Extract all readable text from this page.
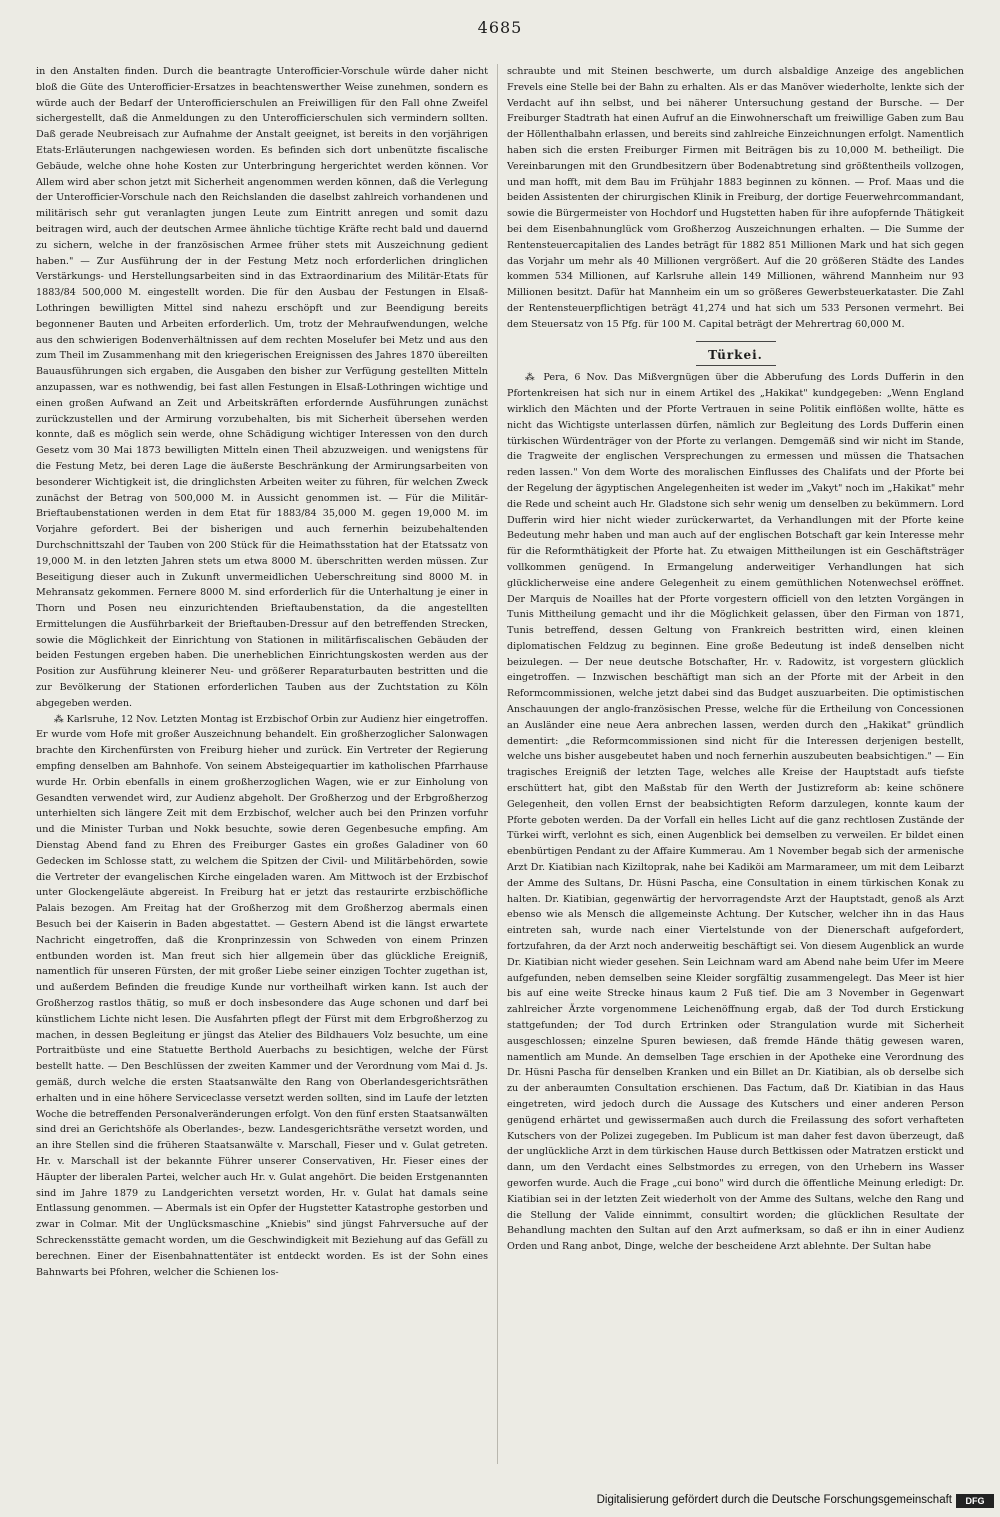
4685

in den Anstalten finden. Durch die beantragte Unterofficier-Vorschule würde daher nicht bloß die Güte des Unterofficier-Ersatzes in beachtenswerther Weise zunehmen, sondern es würde auch der Bedarf der Unterofficierschulen an Freiwilligen für den Fall ohne Zweifel sichergestellt, daß die Anmeldungen zu den Unterofficierschulen sich vermindern sollten. Daß gerade Neubreisach zur Aufnahme der Anstalt geeignet, ist bereits in den vorjährigen Etats-Erläuterungen nachgewiesen worden. Es befinden sich dort unbenützte fiscalische Gebäude, welche ohne hohe Kosten zur Unterbringung hergerichtet werden können. Vor Allem wird aber schon jetzt mit Sicherheit angenommen werden können, daß die Verlegung der Unterofficier-Vorschule nach den Reichslanden die daselbst zahlreich vorhandenen und militärisch sehr gut veranlagten jungen Leute zum Eintritt anregen und somit dazu beitragen wird, auch der deutschen Armee ähnliche tüchtige Kräfte recht bald und dauernd zu sichern, welche in der französischen Armee früher stets mit Auszeichnung gedient haben." — Zur Ausführung der in der Festung Metz noch erforderlichen dringlichen Verstärkungs- und Herstellungsarbeiten sind in das Extraordinarium des Militär-Etats für 1883/84 500,000 M. eingestellt worden. Die für den Ausbau der Festungen in Elsaß-Lothringen bewilligten Mittel sind nahezu erschöpft und zur Beendigung bereits begonnener Bauten und Arbeiten erforderlich. Um, trotz der Mehraufwendungen, welche aus den schwierigen Bodenverhältnissen auf dem rechten Moselufer bei Metz und aus den zum Theil im Zusammenhang mit den kriegerischen Ereignissen des Jahres 1870 übereilten Bauausführungen sich ergaben, die Ausgaben den bisher zur Verfügung gestellten Mitteln anzupassen, war es nothwendig, bei fast allen Festungen in Elsaß-Lothringen wichtige und einen großen Aufwand an Zeit und Arbeitskräften erfordernde Ausführungen zunächst zurückzustellen und der Armirung vorzubehalten, bis mit Sicherheit übersehen werden konnte, daß es möglich sein werde, ohne Schädigung wichtiger Interessen von den durch Gesetz vom 30 Mai 1873 bewilligten Mitteln einen Theil abzuzweigen. und wenigstens für die Festung Metz, bei deren Lage die äußerste Beschränkung der Armirungsarbeiten von besonderer Wichtigkeit ist, die dringlichsten Arbeiten weiter zu führen, für welchen Zweck zunächst der Betrag von 500,000 M. in Aussicht genommen ist. — Für die Militär-Brieftaubenstationen werden in dem Etat für 1883/84 35,000 M. gegen 19,000 M. im Vorjahre gefordert. Bei der bisherigen und auch fernerhin beizubehaltenden Durchschnittszahl der Tauben von 200 Stück für die Heimathsstation hat der Etatssatz von 19,000 M. in den letzten Jahren stets um etwa 8000 M. überschritten werden müssen. Zur Beseitigung dieser auch in Zukunft unvermeidlichen Ueberschreitung sind 8000 M. in Mehransatz gekommen. Fernere 8000 M. sind erforderlich für die Unterhaltung je einer in Thorn und Posen neu einzurichtenden Brieftaubenstation, da die angestellten Ermittelungen die Ausführbarkeit der Brieftauben-Dressur auf den betreffenden Strecken, sowie die Möglichkeit der Einrichtung von Stationen in militärfiscalischen Gebäuden der beiden Festungen ergeben haben. Die unerheblichen Einrichtungskosten werden aus der Position zur Ausführung kleinerer Neu- und größerer Reparaturbauten bestritten und die zur Bevölkerung der Stationen erforderlichen Tauben aus der Zuchtstation zu Köln abgegeben werden.

⁂ Karlsruhe, 12 Nov. Letzten Montag ist Erzbischof Orbin zur Audienz hier eingetroffen. Er wurde vom Hofe mit großer Auszeichnung behandelt. Ein großherzoglicher Salonwagen brachte den Kirchenfürsten von Freiburg hieher und zurück. Ein Vertreter der Regierung empfing denselben am Bahnhofe. Von seinem Absteigequartier im katholischen Pfarrhause wurde Hr. Orbin ebenfalls in einem großherzoglichen Wagen, wie er zur Einholung von Gesandten verwendet wird, zur Audienz abgeholt. Der Großherzog und der Erbgroßherzog unterhielten sich längere Zeit mit dem Erzbischof, welcher auch bei den Prinzen vorfuhr und die Minister Turban und Nokk besuchte, sowie deren Gegenbesuche empfing. Am Dienstag Abend fand zu Ehren des Freiburger Gastes ein großes Galadiner von 60 Gedecken im Schlosse statt, zu welchem die Spitzen der Civil- und Militärbehörden, sowie die Vertreter der evangelischen Kirche eingeladen waren. Am Mittwoch ist der Erzbischof unter Glockengeläute abgereist. In Freiburg hat er jetzt das restaurirte erzbischöfliche Palais bezogen. Am Freitag hat der Großherzog mit dem Großherzog abermals einen Besuch bei der Kaiserin in Baden abgestattet. — Gestern Abend ist die längst erwartete Nachricht eingetroffen, daß die Kronprinzessin von Schweden von einem Prinzen entbunden worden ist. Man freut sich hier allgemein über das glückliche Ereigniß, namentlich für unseren Fürsten, der mit großer Liebe seiner einzigen Tochter zugethan ist, und außerdem Befinden die freudige Kunde nur vortheilhaft wirken kann. Ist auch der Großherzog rastlos thätig, so muß er doch insbesondere das Auge schonen und darf bei künstlichem Lichte nicht lesen. Die Ausfahrten pflegt der Fürst mit dem Erbgroßherzog zu machen, in dessen Begleitung er jüngst das Atelier des Bildhauers Volz besuchte, um eine Portraitbüste und eine Statuette Berthold Auerbachs zu besichtigen, welche der Fürst bestellt hatte. — Den Beschlüssen der zweiten Kammer und der Verordnung vom Mai d. Js. gemäß, durch welche die ersten Staatsanwälte den Rang von Oberlandesgerichtsräthen erhalten und in eine höhere Serviceclasse versetzt werden sollten, sind im Laufe der letzten Woche die betreffenden Personalveränderungen erfolgt. Von den fünf ersten Staatsanwälten sind drei an Gerichtshöfe als Oberlandes-, bezw. Landesgerichtsräthe versetzt worden, und an ihre Stellen sind die früheren Staatsanwälte v. Marschall, Fieser und v. Gulat getreten. Hr. v. Marschall ist der bekannte Führer unserer Conservativen, Hr. Fieser eines der Häupter der liberalen Partei, welcher auch Hr. v. Gulat angehört. Die beiden Erstgenannten sind im Jahre 1879 zu Landgerichten versetzt worden, Hr. v. Gulat hat damals seine Entlassung genommen. — Abermals ist ein Opfer der Hugstetter Katastrophe gestorben und zwar in Colmar. Mit der Unglücksmaschine „Kniebis" sind jüngst Fahrversuche auf der Schreckensstätte gemacht worden, um die Geschwindigkeit mit Beziehung auf das Gefäll zu berechnen. Einer der Eisenbahnattentäter ist entdeckt worden. Es ist der Sohn eines Bahnwarts bei Pfohren, welcher die Schienen los-

schraubte und mit Steinen beschwerte, um durch alsbaldige Anzeige des angeblichen Frevels eine Stelle bei der Bahn zu erhalten. Als er das Manöver wiederholte, lenkte sich der Verdacht auf ihn selbst, und bei näherer Untersuchung gestand der Bursche. — Der Freiburger Stadtrath hat einen Aufruf an die Einwohnerschaft um freiwillige Gaben zum Bau der Höllenthalbahn erlassen, und bereits sind zahlreiche Einzeichnungen erfolgt. Namentlich haben sich die ersten Freiburger Firmen mit Beiträgen bis zu 10,000 M. betheiligt. Die Vereinbarungen mit den Grundbesitzern über Bodenabtretung sind größtentheils vollzogen, und man hofft, mit dem Bau im Frühjahr 1883 beginnen zu können. — Prof. Maas und die beiden Assistenten der chirurgischen Klinik in Freiburg, der dortige Feuerwehrcommandant, sowie die Bürgermeister von Hochdorf und Hugstetten haben für ihre aufopfernde Thätigkeit bei dem Eisenbahnunglück vom Großherzog Auszeichnungen erhalten. — Die Summe der Rentensteuercapitalien des Landes beträgt für 1882 851 Millionen Mark und hat sich gegen das Vorjahr um mehr als 40 Millionen vergrößert. Auf die 20 größeren Städte des Landes kommen 534 Millionen, auf Karlsruhe allein 149 Millionen, während Mannheim nur 93 Millionen besitzt. Dafür hat Mannheim ein um so größeres Gewerbsteuerkataster. Die Zahl der Rentensteuerpflichtigen beträgt 41,274 und hat sich um 533 Personen vermehrt. Bei dem Steuersatz von 15 Pfg. für 100 M. Capital beträgt der Mehrertrag 60,000 M.

Türkei.

⁂ Pera, 6 Nov. Das Mißvergnügen über die Abberufung des Lords Dufferin in den Pfortenkreisen hat sich nur in einem Artikel des „Hakikat" kundgegeben: „Wenn England wirklich den Mächten und der Pforte Vertrauen in seine Politik einflößen wollte, hätte es nicht das Wichtigste unterlassen dürfen, nämlich zur Begleitung des Lords Dufferin einen türkischen Würdenträger von der Pforte zu verlangen. Demgemäß sind wir nicht im Stande, die Tragweite der englischen Versprechungen zu ermessen und müssen die Thatsachen reden lassen." Von dem Worte des moralischen Einflusses des Chalifats und der Pforte bei der Regelung der ägyptischen Angelegenheiten ist weder im „Vakyt" noch im „Hakikat" mehr die Rede und scheint auch Hr. Gladstone sich sehr wenig um denselben zu bekümmern. Lord Dufferin wird hier nicht wieder zurückerwartet, da Verhandlungen mit der Pforte keine Bedeutung mehr haben und man auch auf der englischen Botschaft gar kein Interesse mehr für die Reformthätigkeit der Pforte hat. Zu etwaigen Mittheilungen ist ein Geschäftsträger vollkommen genügend. In Ermangelung anderweitiger Verhandlungen hat sich glücklicherweise eine andere Gelegenheit zu einem gemüthlichen Notenwechsel eröffnet. Der Marquis de Noailles hat der Pforte vorgestern officiell von den letzten Vorgängen in Tunis Mittheilung gemacht und ihr die Möglichkeit gelassen, über den Firman von 1871, Tunis betreffend, dessen Geltung von Frankreich bestritten wird, einen kleinen diplomatischen Feldzug zu beginnen. Eine große Bedeutung ist indeß denselben nicht beizulegen. — Der neue deutsche Botschafter, Hr. v. Radowitz, ist vorgestern glücklich eingetroffen. — Inzwischen beschäftigt man sich an der Pforte mit der Arbeit in den Reformcommissionen, welche jetzt dabei sind das Budget auszuarbeiten. Die optimistischen Anschauungen der anglo-französischen Presse, welche für die Ertheilung von Concessionen an Ausländer eine neue Aera anbrechen lassen, werden durch den „Hakikat" gründlich dementirt: „die Reformcommissionen sind nicht für die Interessen derjenigen bestellt, welche uns bisher ausgebeutet haben und noch fernerhin auszubeuten beabsichtigen." — Ein tragisches Ereigniß der letzten Tage, welches alle Kreise der Hauptstadt aufs tiefste erschüttert hat, gibt den Maßstab für den Werth der Justizreform ab: keine schönere Gelegenheit, den vollen Ernst der beabsichtigten Reform darzulegen, konnte kaum der Pforte geboten werden. Da der Vorfall ein helles Licht auf die ganz rechtlosen Zustände der Türkei wirft, verlohnt es sich, einen Augenblick bei demselben zu verweilen. Er bildet einen ebenbürtigen Pendant zu der Affaire Kummerau. Am 1 November begab sich der armenische Arzt Dr. Kiatibian nach Kiziltoprak, nahe bei Kadiköi am Marmarameer, um mit dem Leibarzt der Amme des Sultans, Dr. Hüsni Pascha, eine Consultation in einem türkischen Konak zu halten. Dr. Kiatibian, gegenwärtig der hervorragendste Arzt der Hauptstadt, genoß als Arzt ebenso wie als Mensch die allgemeinste Achtung. Der Kutscher, welcher ihn in das Haus eintreten sah, wurde nach einer Viertelstunde von der Dienerschaft aufgefordert, fortzufahren, da der Arzt noch anderweitig beschäftigt sei. Von diesem Augenblick an wurde Dr. Kiatibian nicht wieder gesehen. Sein Leichnam ward am Abend nahe beim Ufer im Meere aufgefunden, neben demselben seine Kleider sorgfältig zusammengelegt. Das Meer ist hier bis auf eine weite Strecke hinaus kaum 2 Fuß tief. Die am 3 November in Gegenwart zahlreicher Ärzte vorgenommene Leichenöffnung ergab, daß der Tod durch Erstickung stattgefunden; der Tod durch Ertrinken oder Strangulation wurde mit Sicherheit ausgeschlossen; einzelne Spuren bewiesen, daß fremde Hände thätig gewesen waren, namentlich am Munde. An demselben Tage erschien in der Apotheke eine Verordnung des Dr. Hüsni Pascha für denselben Kranken und ein Billet an Dr. Kiatibian, als ob derselbe sich zu der anberaumten Consultation erschienen. Das Factum, daß Dr. Kiatibian in das Haus eingetreten, wird jedoch durch die Aussage des Kutschers und einer anderen Person genügend erhärtet und gewissermaßen auch durch die Freilassung des sofort verhafteten Kutschers von der Polizei zugegeben. Im Publicum ist man daher fest davon überzeugt, daß der unglückliche Arzt in dem türkischen Hause durch Bettkissen oder Matratzen erstickt und dann, um den Verdacht eines Selbstmordes zu erregen, von den Urhebern ins Wasser geworfen wurde. Auch die Frage „cui bono" wird durch die öffentliche Meinung erledigt: Dr. Kiatibian sei in der letzten Zeit wiederholt von der Amme des Sultans, welche den Rang und die Stellung der Valide einnimmt, consultirt worden; die glücklichen Resultate der Behandlung machten den Sultan auf den Arzt aufmerksam, so daß er ihn in einer Audienz Orden und Rang anbot, Dinge, welche der bescheidene Arzt ablehnte. Der Sultan habe

Digitalisierung gefördert durch die Deutsche Forschungsgemeinschaft	DFG
